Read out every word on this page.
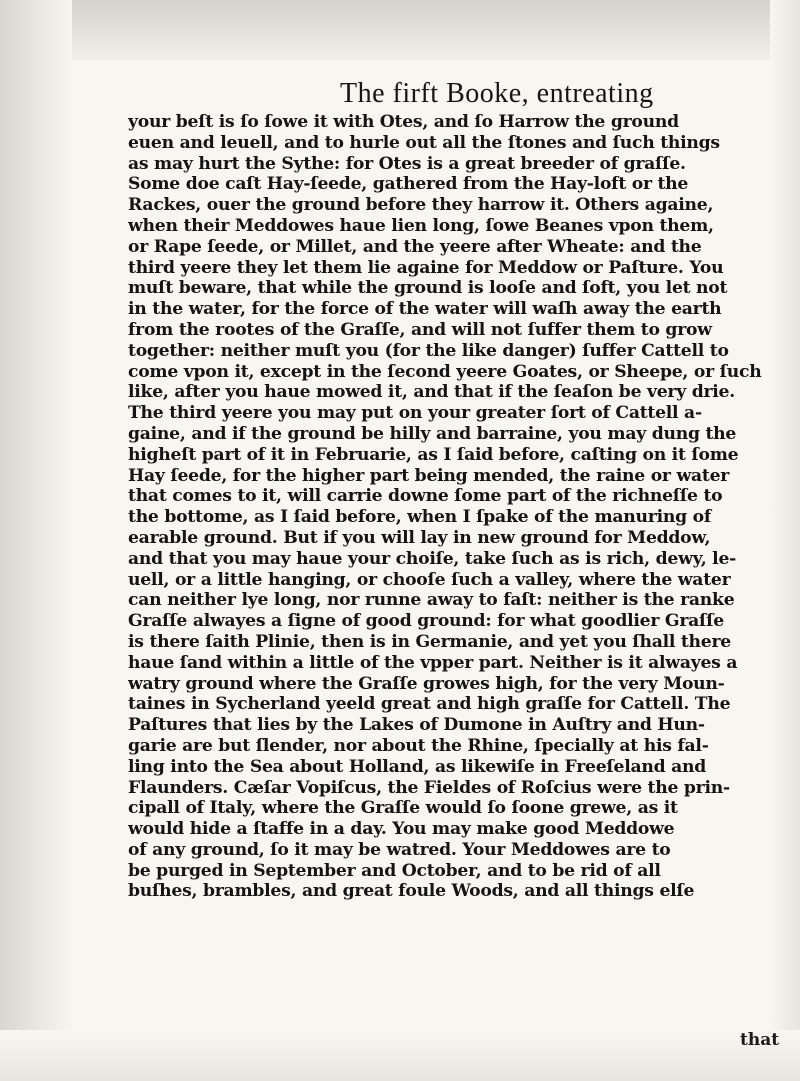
The firft Booke, entreating
your beſt is ſo ſowe it with Otes, and ſo Harrow the ground
euen and leuell, and to hurle out all the ſtones and ſuch things
as may hurt the Sythe: for Otes is a great breeder of graſſe.
Some doe caſt Hay-ſeede, gathered from the Hay-loft or the
Rackes, ouer the ground before they harrow it. Others againe,
when their Meddowes haue lien long, ſowe Beanes vpon them,
or Rape ſeede, or Millet, and the yeere after Wheate: and the
third yeere they let them lie againe for Meddow or Paſture. You
muſt beware, that while the ground is looſe and ſoft, you let not
in the water, for the force of the water will waſh away the earth
from the rootes of the Graſſe, and will not ſuffer them to grow
together: neither muſt you (for the like danger) ſuffer Cattell to
come vpon it, except in the ſecond yeere Goates, or Sheepe, or ſuch
like, after you haue mowed it, and that if the ſeaſon be very drie.
The third yeere you may put on your greater ſort of Cattell a-
gaine, and if the ground be hilly and barraine, you may dung the
higheſt part of it in Februarie, as I ſaid before, caſting on it ſome
Hay ſeede, for the higher part being mended, the raine or water
that comes to it, will carrie downe ſome part of the richneſſe to
the bottome, as I ſaid before, when I ſpake of the manuring of
earable ground. But if you will lay in new ground for Meddow,
and that you may haue your choiſe, take ſuch as is rich, dewy, le-
uell, or a little hanging, or chooſe ſuch a valley, where the water
can neither lye long, nor runne away to faſt: neither is the ranke
Graſſe alwayes a ſigne of good ground: for what goodlier Graſſe
is there ſaith Plinie, then is in Germanie, and yet you ſhall there
haue ſand within a little of the vpper part. Neither is it alwayes a
watry ground where the Graſſe growes high, for the very Moun-
taines in Sycherland yeeld great and high graſſe for Cattell. The
Paſtures that lies by the Lakes of Dumone in Auſtry and Hun-
garie are but ſlender, nor about the Rhine, ſpecially at his fal-
ling into the Sea about Holland, as likewiſe in Freeſeland and
Flaunders. Cæſar Vopiſcus, the Fieldes of Roſcius were the prin-
cipall of Italy, where the Graſſe would ſo ſoone grewe, as it
would hide a ſtaffe in a day. You may make good Meddowe
of any ground, ſo it may be watred. Your Meddowes are to
be purged in September and October, and to be rid of all
buſhes, brambles, and great foule Woods, and all things elſe
that
